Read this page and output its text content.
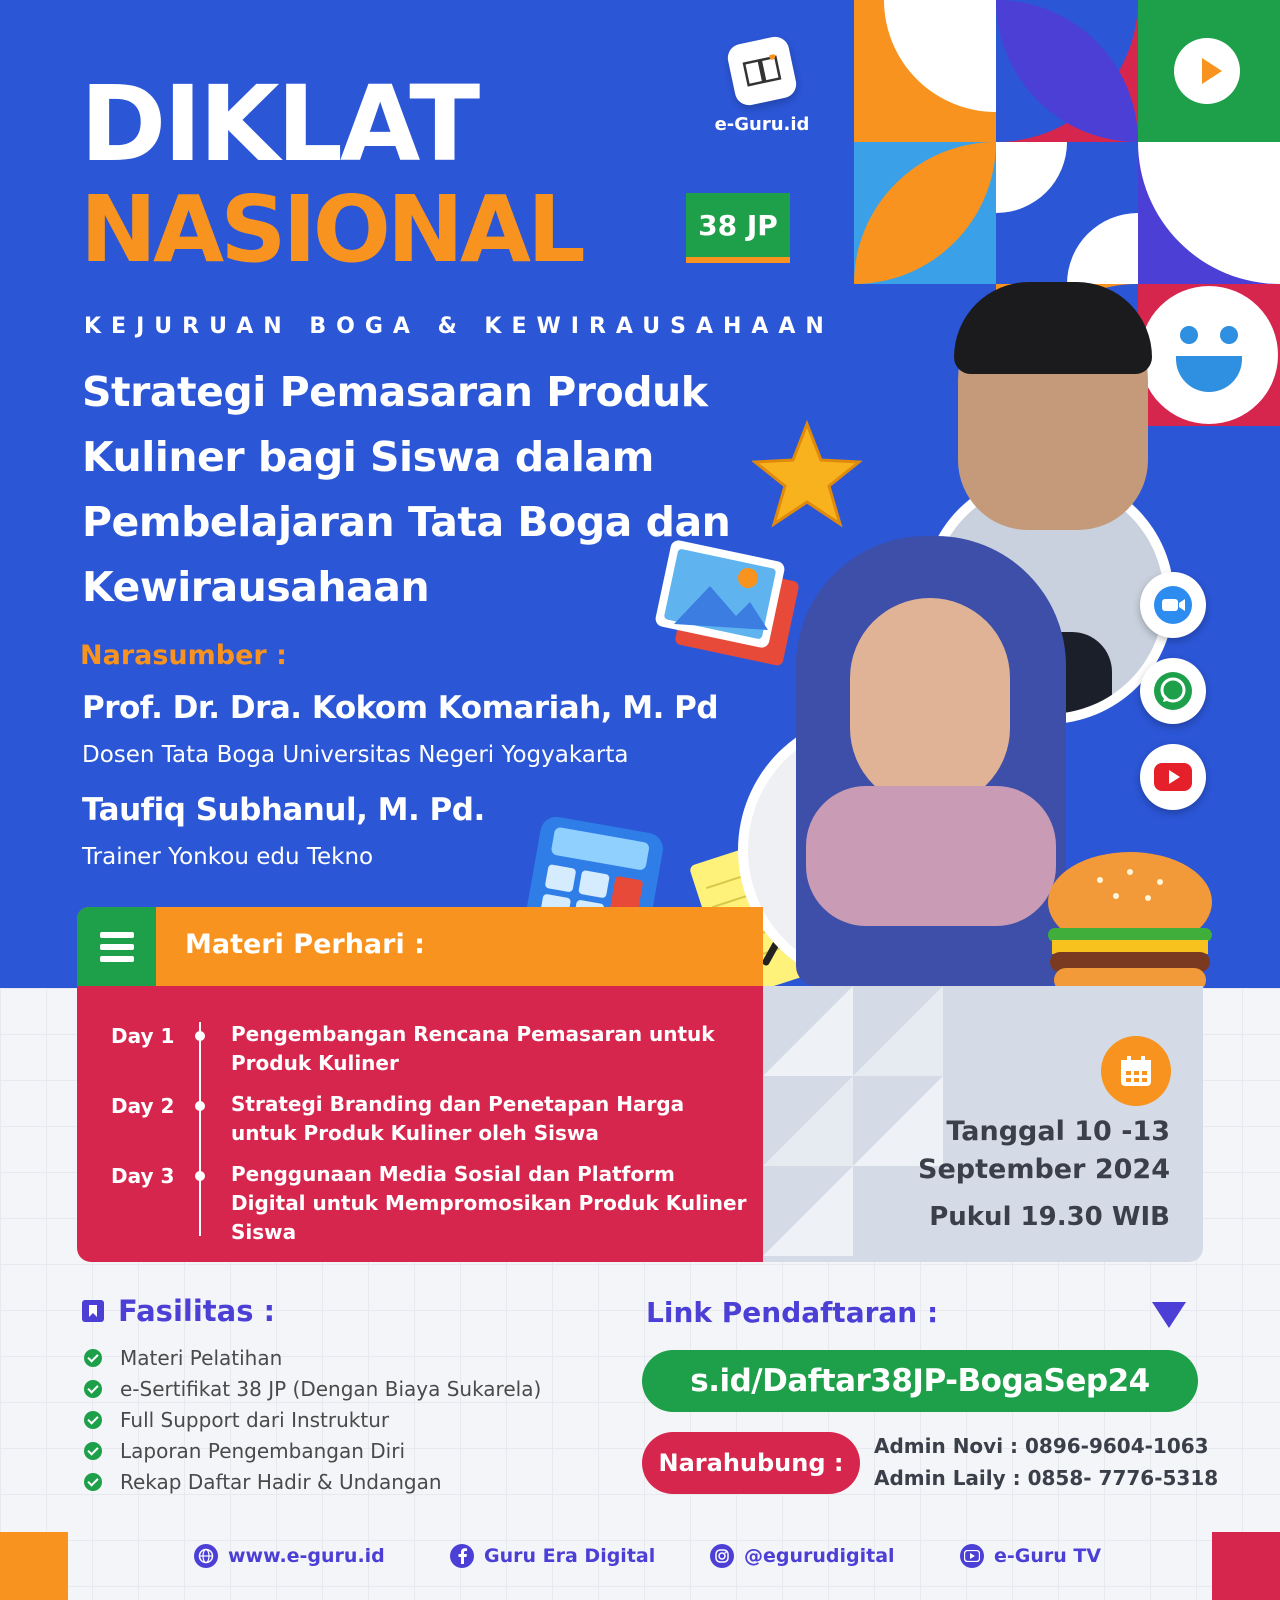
e-Guru.id
DIKLAT
NASIONAL	38 JP
KEJURUAN BOGA & KEWIRAUSAHAAN
Strategi Pemasaran Produk Kuliner bagi Siswa dalam Pembelajaran Tata Boga dan Kewirausahaan
Narasumber :
Prof. Dr. Dra. Kokom Komariah, M. Pd
Dosen Tata Boga Universitas Negeri Yogyakarta
Taufiq Subhanul, M. Pd.
Trainer Yonkou edu Tekno
Materi Perhari :
Day 1	Pengembangan Rencana Pemasaran untuk Produk Kuliner
Day 2	Strategi Branding dan Penetapan Harga untuk Produk Kuliner oleh Siswa
Day 3	Penggunaan Media Sosial dan Platform Digital untuk Mempromosikan Produk Kuliner Siswa
Tanggal 10 -13
September 2024
Pukul 19.30 WIB
Fasilitas :
Materi Pelatihan
e-Sertifikat 38 JP (Dengan Biaya Sukarela)
Full Support dari Instruktur
Laporan Pengembangan Diri
Rekap Daftar Hadir & Undangan
Link Pendaftaran :
s.id/Daftar38JP-BogaSep24
Narahubung :
Admin Novi : 0896-9604-1063
Admin Laily : 0858- 7776-5318
www.e-guru.id	Guru Era Digital	@egurudigital	e-Guru TV
